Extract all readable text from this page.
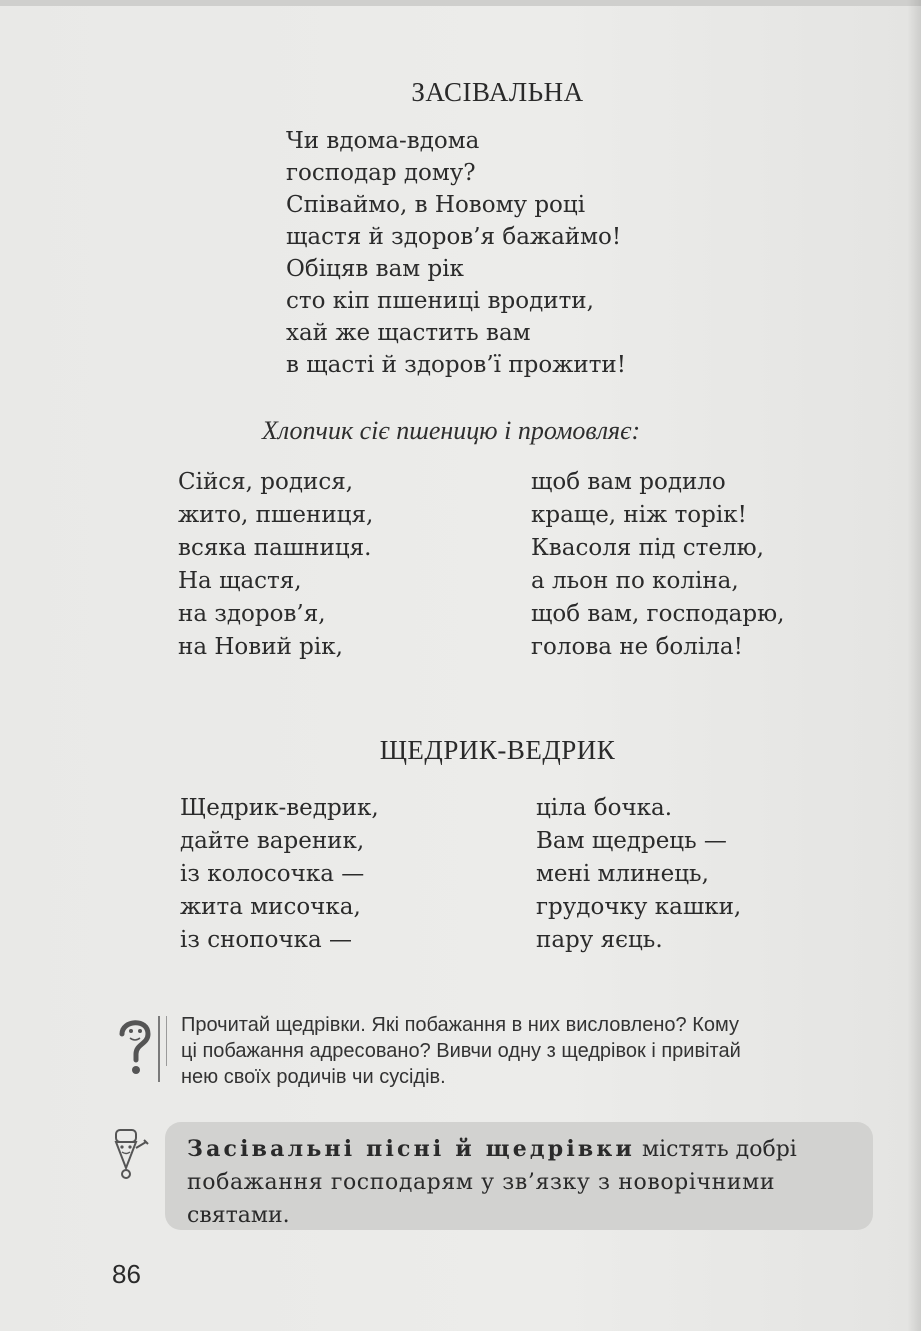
ЗАСІВАЛЬНА
Чи вдома-вдома
господар дому?
Співаймо, в Новому році
щастя й здоров’я бажаймо!
Обіцяв вам рік
сто кіп пшениці вродити,
хай же щастить вам
в щасті й здоров’ї прожити!
Хлопчик сіє пшеницю і промовляє:
Сійся, родися,
жито, пшениця,
всяка пашниця.
На щастя,
на здоров’я,
на Новий рік,
щоб вам родило
краще, ніж торік!
Квасоля під стелю,
а льон по коліна,
щоб вам, господарю,
голова не боліла!
ЩЕДРИК-ВЕДРИК
Щедрик-ведрик,
дайте вареник,
із колосочка —
жита мисочка,
із снопочка —
ціла бочка.
Вам щедрець —
мені млинець,
грудочку кашки,
пару яєць.
Прочитай щедрівки. Які побажання в них висловлено? Кому
ці побажання адресовано? Вивчи одну з щедрівок і привітай
нею своїх родичів чи сусідів.
Засівальні пісні й щедрівки містять добрі
побажання господарям у зв’язку з новорічними
святами.
86
